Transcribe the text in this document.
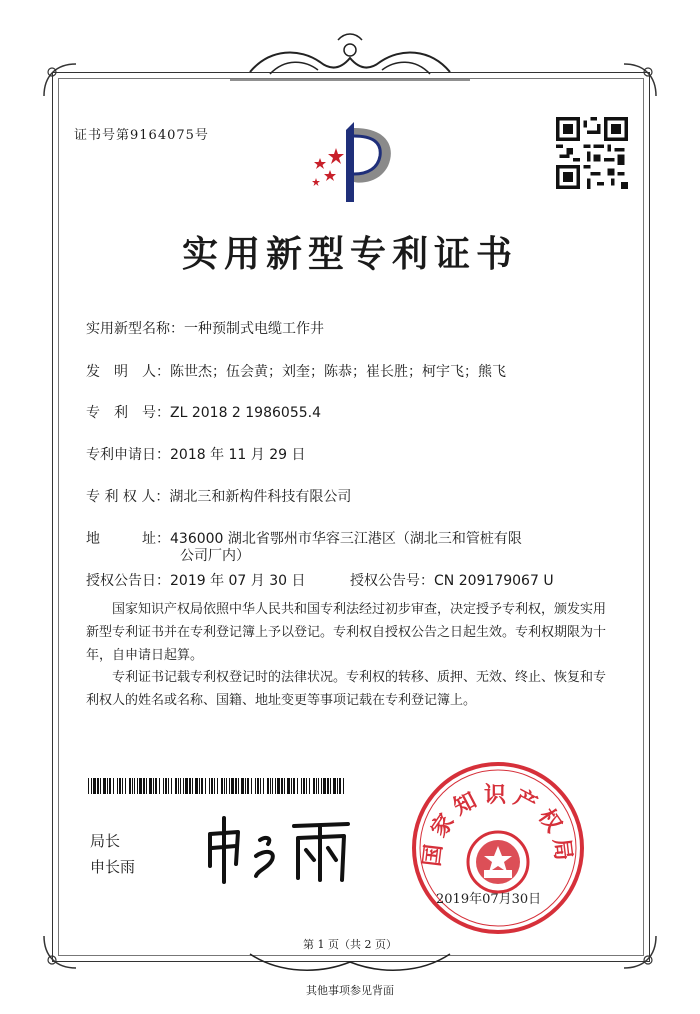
证书号第9164075号
实用新型专利证书
实用新型名称：一种预制式电缆工作井
发　明　人：陈世杰；伍会黄；刘奎；陈恭；崔长胜；柯宇飞；熊飞
专　利　号：ZL 2018 2 1986055.4
专利申请日：2018 年 11 月 29 日
专 利 权 人：湖北三和新构件科技有限公司
地　　　址：436000 湖北省鄂州市华容三江港区（湖北三和管桩有限
公司厂内）
授权公告日：2019 年 07 月 30 日	授权公告号：CN 209179067 U
国家知识产权局依照中华人民共和国专利法经过初步审查，决定授予专利权，颁发实用新型专利证书并在专利登记簿上予以登记。专利权自授权公告之日起生效。专利权期限为十年，自申请日起算。
专利证书记载专利权登记时的法律状况。专利权的转移、质押、无效、终止、恢复和专利权人的姓名或名称、国籍、地址变更等事项记载在专利登记簿上。
局长
申长雨	国家知识产权局
2019年07月30日
第 1 页（共 2 页）
其他事项参见背面
